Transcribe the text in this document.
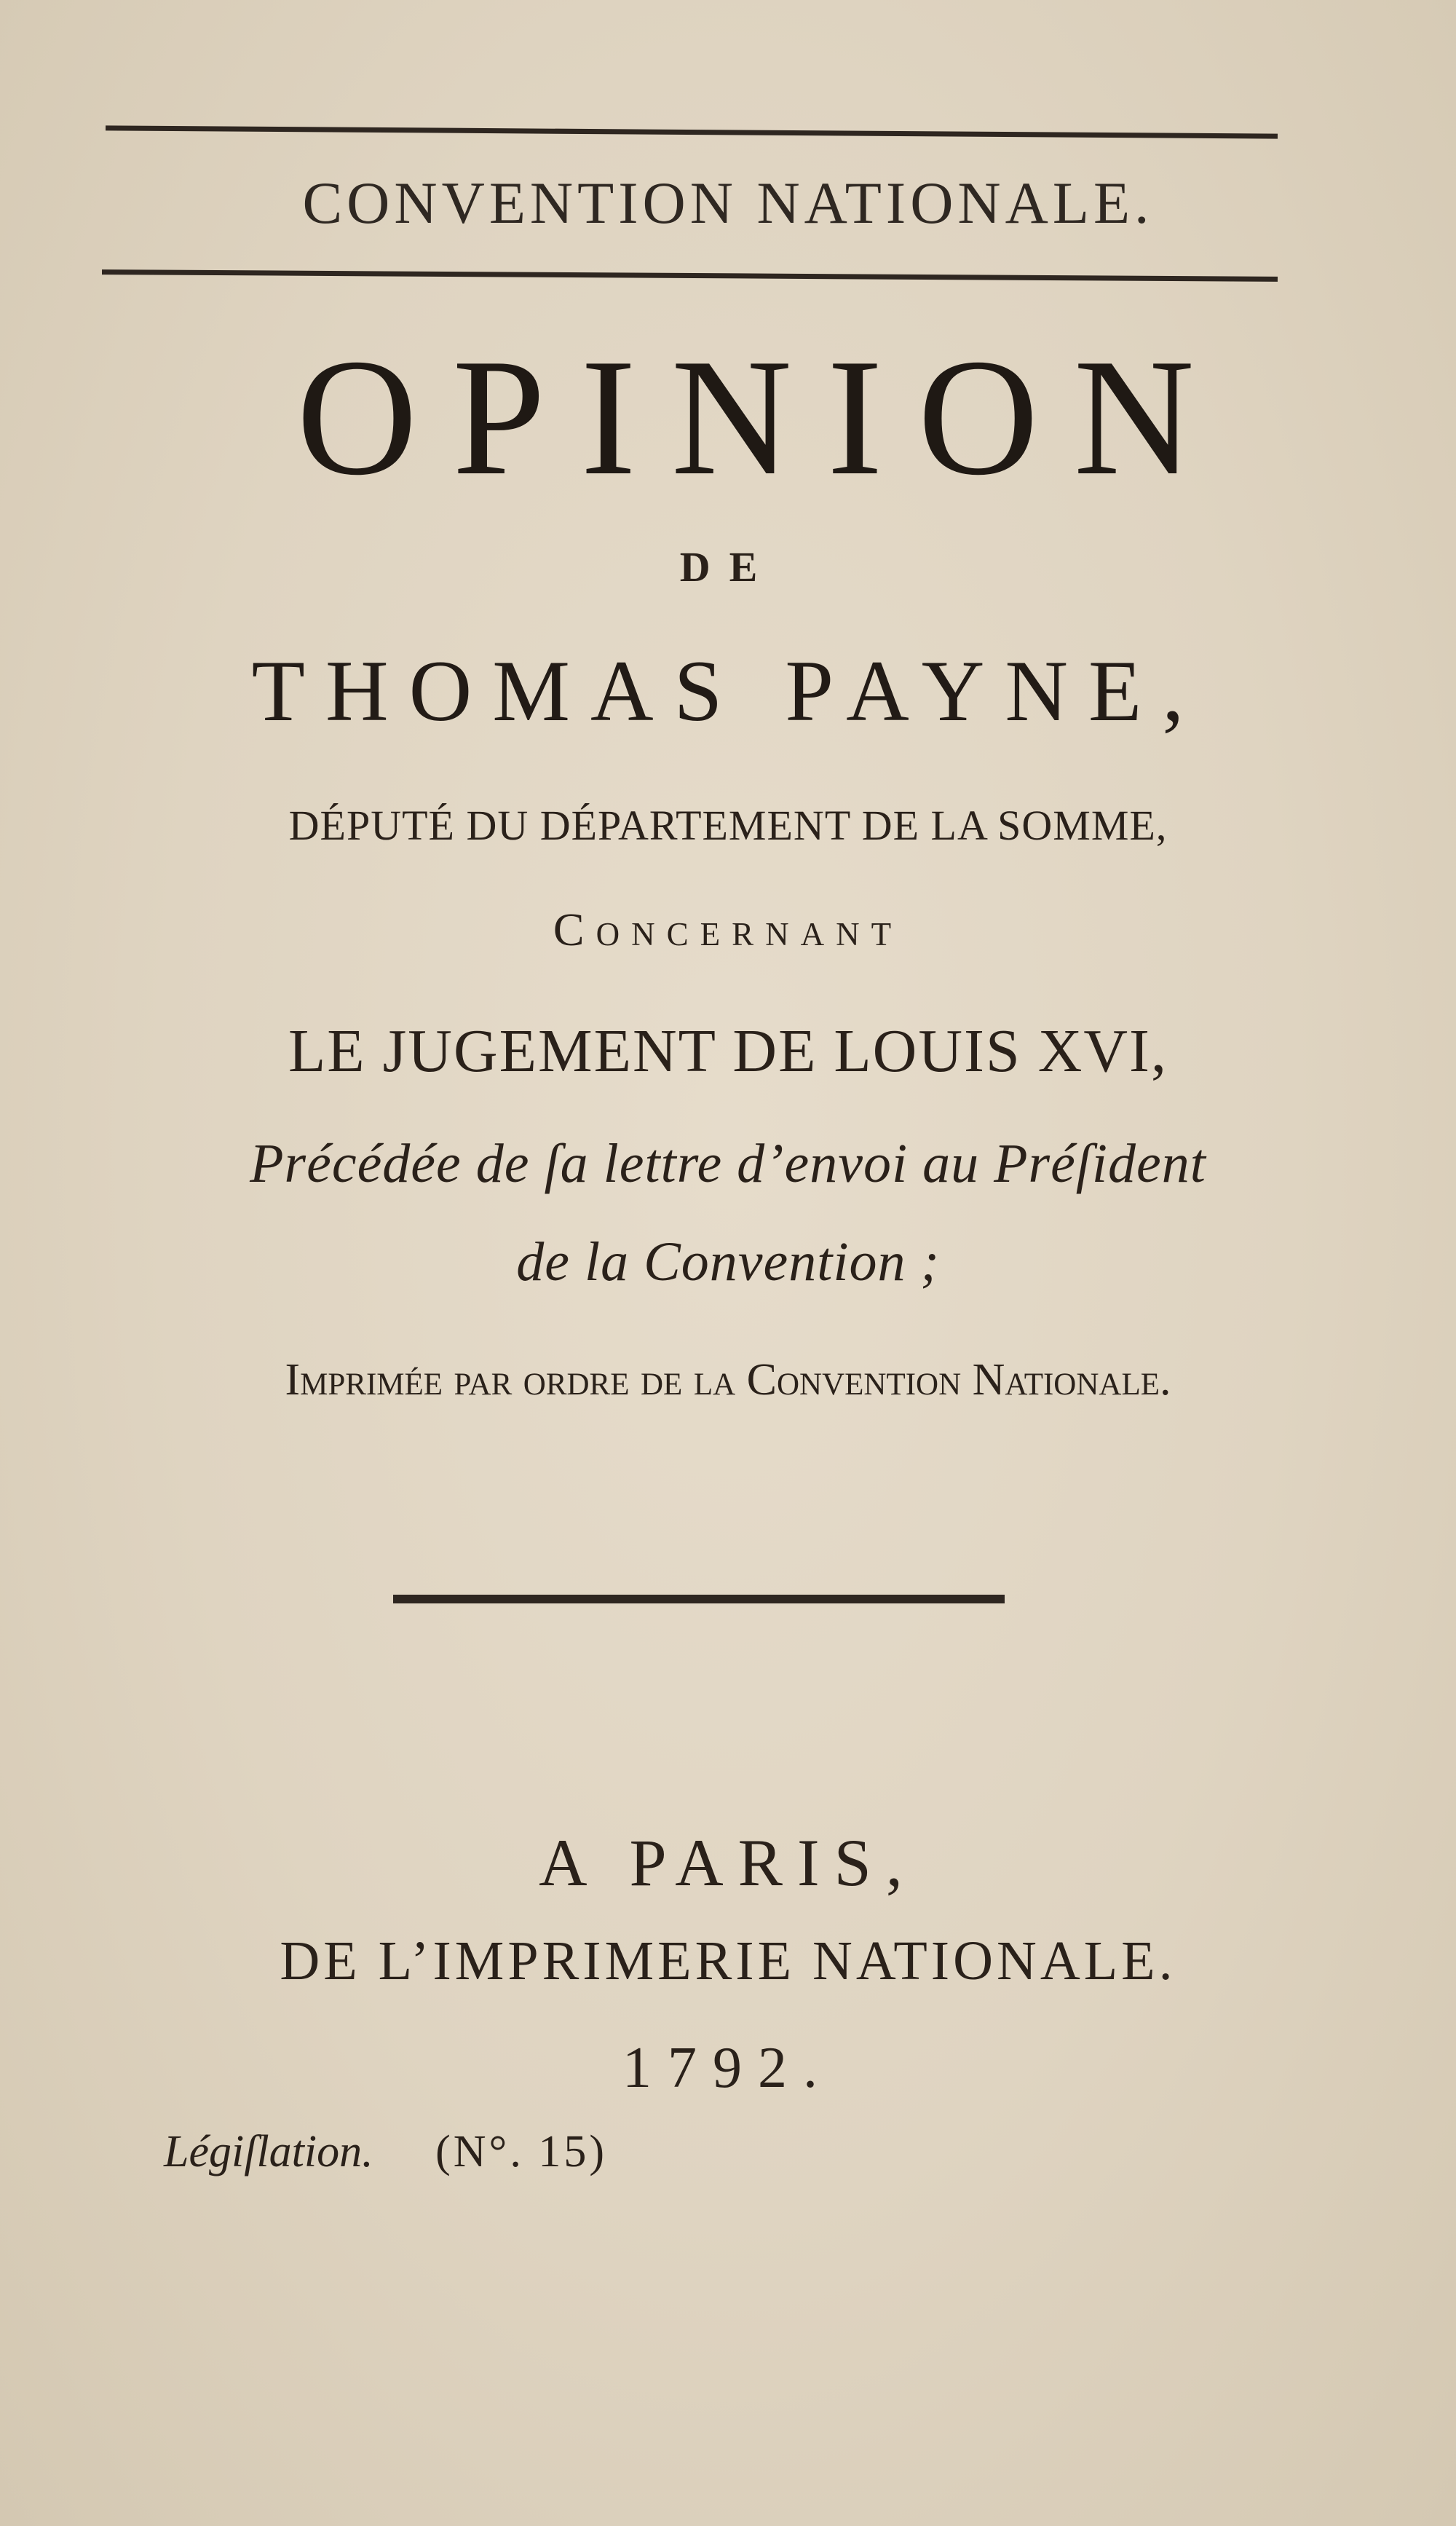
CONVENTION NATIONALE.
OPINION
DE
THOMAS PAYNE,
DÉPUTÉ DU DÉPARTEMENT DE LA SOMME,
Concernant
LE JUGEMENT DE LOUIS XVI,
Précédée de ſa lettre d’envoi au Préſident
de la Convention ;
Imprimée par ordre de la Convention Nationale.
A PARIS,
DE L’IMPRIMERIE NATIONALE.
1792.
Légiſlation. (N°. 15)
